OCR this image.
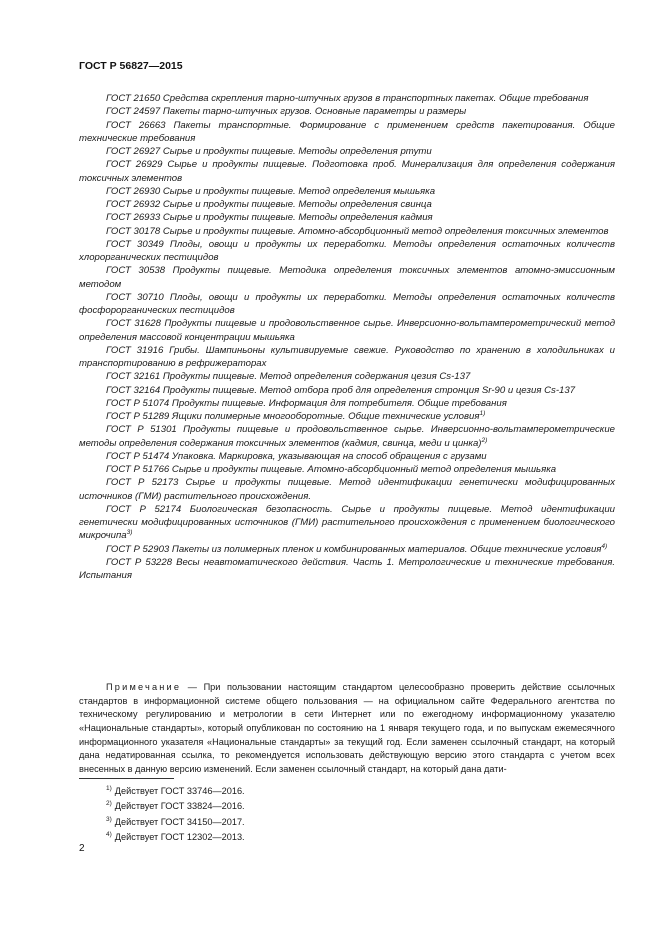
ГОСТ Р 56827—2015

ГОСТ 21650 Средства скрепления тарно-штучных грузов в транспортных пакетах. Общие требования

ГОСТ 24597 Пакеты тарно-штучных грузов. Основные параметры и размеры

ГОСТ 26663 Пакеты транспортные. Формирование с применением средств пакетирования. Общие технические требования

ГОСТ 26927 Сырье и продукты пищевые. Методы определения ртути

ГОСТ 26929 Сырье и продукты пищевые. Подготовка проб. Минерализация для определения содержания токсичных элементов

ГОСТ 26930 Сырье и продукты пищевые. Метод определения мышьяка

ГОСТ 26932 Сырье и продукты пищевые. Методы определения свинца

ГОСТ 26933 Сырье и продукты пищевые. Методы определения кадмия

ГОСТ 30178 Сырье и продукты пищевые. Атомно-абсорбционный метод определения токсичных элементов

ГОСТ 30349 Плоды, овощи и продукты их переработки. Методы определения остаточных количеств хлорорганических пестицидов

ГОСТ 30538 Продукты пищевые. Методика определения токсичных элементов атомно-эмиссионным методом

ГОСТ 30710 Плоды, овощи и продукты их переработки. Методы определения остаточных количеств фосфорорганических пестицидов

ГОСТ 31628 Продукты пищевые и продовольственное сырье. Инверсионно-вольтамперометрический метод определения массовой концентрации мышьяка

ГОСТ 31916 Грибы. Шампиньоны культивируемые свежие. Руководство по хранению в холодильниках и транспортированию в рефрижераторах

ГОСТ 32161 Продукты пищевые. Метод определения содержания цезия Cs-137

ГОСТ 32164 Продукты пищевые. Метод отбора проб для определения стронция Sr-90 и цезия Cs-137

ГОСТ Р 51074 Продукты пищевые. Информация для потребителя. Общие требования

ГОСТ Р 51289 Ящики полимерные многооборотные. Общие технические условия$^{1)}$

ГОСТ Р 51301 Продукты пищевые и продовольственное сырье. Инверсионно-вольтамперометрические методы определения содержания токсичных элементов (кадмия, свинца, меди и цинка)$^{2)}$

ГОСТ Р 51474 Упаковка. Маркировка, указывающая на способ обращения с грузами

ГОСТ Р 51766 Сырье и продукты пищевые. Атомно-абсорбционный метод определения мышьяка

ГОСТ Р 52173 Сырье и продукты пищевые. Метод идентификации генетически модифицированных источников (ГМИ) растительного происхождения.

ГОСТ Р 52174 Биологическая безопасность. Сырье и продукты пищевые. Метод идентификации генетически модифицированных источников (ГМИ) растительного происхождения с применением биологического микрочипа$^{3)}$

ГОСТ Р 52903 Пакеты из полимерных пленок и комбинированных материалов. Общие технические условия$^{4)}$

ГОСТ Р 53228 Весы неавтоматического действия. Часть 1. Метрологические и технические требования. Испытания

Примечание — При пользовании настоящим стандартом целесообразно проверить действие ссылочных стандартов в информационной системе общего пользования — на официальном сайте Федерального агентства по техническому регулированию и метрологии в сети Интернет или по ежегодному информационному указателю «Национальные стандарты», который опубликован по состоянию на 1 января текущего года, и по выпускам ежемесячного информационного указателя «Национальные стандарты» за текущий год. Если заменен ссылочный стандарт, на который дана недатированная ссылка, то рекомендуется использовать действующую версию этого стандарта с учетом всех внесенных в данную версию изменений. Если заменен ссылочный стандарт, на который дана дати-

$^{1)}$ Действует ГОСТ 33746—2016.
$^{2)}$ Действует ГОСТ 33824—2016.
$^{3)}$ Действует ГОСТ 34150—2017.
$^{4)}$ Действует ГОСТ 12302—2013.
2
